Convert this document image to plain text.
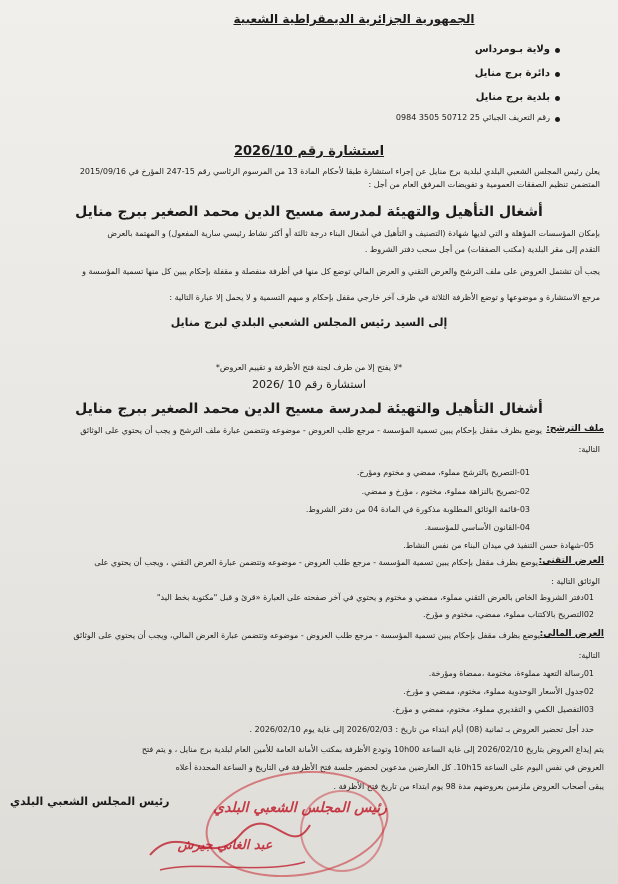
الجمهورية الجزائرية الديمقراطية الشعبية
ولاية بـومرداس
دائرة برج منايل
بلدية برج منايل
رقم التعريف الجبائي 25 50712 3505 0984
استشارة رقم 2026/10
يعلن رئيس المجلس الشعبي البلدي لبلدية برج منايل عن إجراء استشارة طبقا لأحكام المادة 13 من المرسوم الرئاسي رقم 15-247 المؤرخ في 2015/09/16
المتضمن تنظيم الصفقات العمومية و تفويضات المرفق العام من أجل :
أشغال التأهيل والتهيئة لمدرسة مسيح الدين محمد الصغير ببرج منايل
بإمكان المؤسسات المؤهلة و التي لديها شهادة (التصنيف و التأهيل في أشغال البناء درجة ثالثة أو أكثر نشاط رئيسي سارية المفعول) و المهتمة بالعرض
التقدم إلى مقر البلدية (مكتب الصفقات) من أجل سحب دفتر الشروط .
يجب أن تشتمل العروض على ملف الترشح والعرض التقني و العرض المالي توضع كل منها في أظرفة منفصلة و مقفلة بإحكام يبين كل منها تسمية المؤسسة و
مرجع الاستشارة و موضوعها و توضع الأظرفة الثلاثة في ظرف آخر خارجي مقفل بإحكام و مبهم التسمية و لا يحمل إلا عبارة التالية :
إلى السيد رئيس المجلس الشعبي البلدي لبرج منايل
*لا يفتح إلا من طرف لجنة فتح الأظرفة و تقييم العروض*
استشارة رقم 10 /2026
أشغال التأهيل والتهيئة لمدرسة مسيح الدين محمد الصغير ببرج منايل
ملف الترشح:
يوضع بظرف مقفل بإحكام يبين تسمية المؤسسة - مرجع طلب العروض - موضوعه وتتضمن عبارة ملف الترشح و يجب أن يحتوي على الوثائق
التالية:
01-التصريح بالترشح مملوء، ممضي و مختوم ومؤرخ.
02-تصريح بالنزاهة مملوء، مختوم ، مؤرخ و ممضي.
03-قائمة الوثائق المطلوبة مذكورة في المادة 04 من دفتر الشروط.
04-القانون الأساسي للمؤسسة.
05-شهادة حسن التنفيذ في ميدان البناء من نفس النشاط.
العرض التقني:
يوضع بظرف مقفل بإحكام يبين تسمية المؤسسة - مرجع طلب العروض - موضوعه وتتضمن عبارة العرض التقني ، ويجب أن يحتوي على
الوثائق التالية :
01دفتر الشروط الخاص بالعرض التقني مملوء، ممضي و مختوم و يحتوي في آخر صفحته على العبارة «قرئ و قبل "مكتوبة بخط اليد"
02التصريح بالاكتتاب مملوء، ممضي، مختوم و مؤرخ.
العرض المالي:
يوضع بظرف مقفل بإحكام يبين تسمية المؤسسة - مرجع طلب العروض - موضوعه وتتضمن عبارة العرض المالي، ويجب أن يحتوي على الوثائق
التالية:
01رسالة التعهد مملوءة، مختومة ،ممضاة ومؤرخة.
02جدول الأسعار الوحدوية مملوء، مختوم، ممضي و مؤرخ.
03التفصيل الكمي و التقديري مملوء، مختوم، ممضي و مؤرخ.
حدد أجل تحضير العروض بـ ثمانية (08) أيام ابتداء من تاريخ : 2026/02/03 إلى غاية يوم 2026/02/10 .
يتم إيداع العروض بتاريخ 2026/02/10 إلى غاية الساعة 10h00 وتودع الأظرفة بمكتب الأمانة العامة للأمين العام لبلدية برج منايل ، و يتم فتح
العروض في نفس اليوم على الساعة 10h15. كل العارضين مدعوين لحضور جلسة فتح الأظرفة في التاريخ و الساعة المحددة أعلاه
يبقى أصحاب العروض ملزمين بعروضهم مدة 98 يوم ابتداء من تاريخ فتح الأظرفة .
رئيس المجلس الشعبي البلدي	رئيس المجلس الشعبي البلدي
عبد الغاني جيرش
